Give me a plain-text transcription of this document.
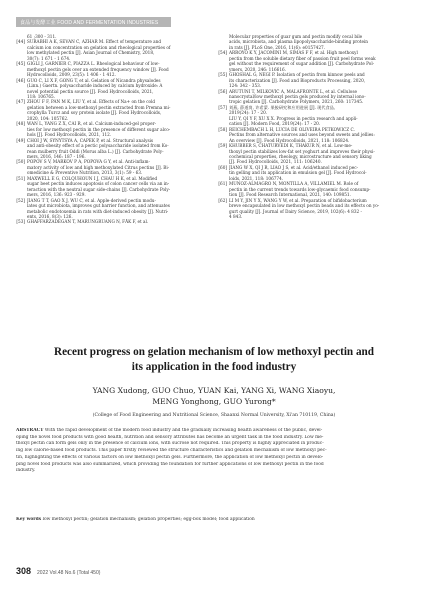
食品与发酵工业 FOOD AND FERMENTATION INDUSTRIES
61 ;300 - 311.
[44] SURABHI A K, SEVAN C, AZHAR M. Effect of temperature and
calcium ion concentration on gelation and rheological properties of
low methylated pectin [J]. Asian Journal of Chemistry, 2018,
30(7): 1 671 - 1 674.
[45] GIGLI J, GARNIER C, PIAZZA L. Rheological behaviour of low-
methoxyl pectin gels over an extended frequency window [J]. Food
Hydrocolloids, 2009, 23(5): 1 406 - 1 412.
[46] GUO C, LI X F, GONG T, et al. Gelation of Nicandra physalodes
(Linn.) Gaertn. polysaccharide induced by calcium hydroxide: A
novel potential pectin source [J]. Food Hydrocolloids, 2021,
118: 106765.
[47] ZHOU F F, PAN M K, LIU Y, et al. Effects of Na+ on the cold
gelation between a low-methoxyl pectin extracted from Premna mi-
crophylla Turcz and soy protein isolate [J]. Food Hydrocolloids,
2020, 104: 105762.
[48] WAN L, YANG Z X, CAI R, et al. Calcium-induced-gel proper-
ties for low methoxyl pectin in the presence of different sugar alco-
hols [J]. Food Hydrocolloids, 2021, 112.
[49] CHOI J W, SYNYTSYA A, CAPEK P, et al. Structural analysis
and anti-obesity effect of a pectic polysaccharide isolated from Ko-
rean mulberry fruit Oddi (Morus alba L.) [J]. Carbohydrate Poly-
mers, 2016, 146: 187 - 196.
[50] POPOV S V, MARKOV P A, POPOVA G Y, et al. Anti-inflam-
matory activity of low and high methoxylated Citrus pectins [J]. Bi-
omedicine & Preventive Nutrition, 2013, 3(1): 59 - 63.
[51] MAXWELL E G, COLQUHOUN I J, CHAU H K, et al. Modified
sugar beet pectin induces apoptosis of colon cancer cells via an in-
teraction with the neutral sugar side-chains [J]. Carbohydrate Poly-
mers, 2016, 136: 923 - 929.
[52] JIANG T T, GAO X J, WU C, et al. Apple-derived pectin modu-
lates gut microbiota, improves gut barrier function, and attenuates
metabolic endotoxemia in rats with diet-induced obesity [J]. Nutri-
ents, 2016, 8(3): 126.
[53] GHAFFARZADEGAN T, MARUNGRUANG N, FÅK F, et al.
Molecular properties of guar gum and pectin modify cecal bile
acids, microbiota, and plasma lipopolysaccharide-binding protein
in rats [J]. PLoS One, 2016, 11(6): e0157427.
[54] ARROYO K Y, JACOMINI M, SIMAS F F, et al. High methoxyl
pectin from the soluble dietary fiber of passion fruit peel forms weak
gel without the requirement of sugar addition [J]. Carbohydrate Pol-
ymers, 2020, 246: 116616.
[55] GHOSHAL G, NEGI P. Isolation of pectin from kinnow peels and
its characterization [J]. Food and Bioproducts Processing, 2020,
124: 342 - 353.
[56] ARUTUNI T, MILKOVIĆ A, MALAFRONTE L, et al. Cellulose
nanocrystal/low methoxyl pectin gels produced by internal iono-
tropic gelation [J]. Carbohydrate Polymers, 2021, 260: 117345.
[57] 刘燕, 薛道岗, 许希蒙. 果胶研究和应用进展 [J]. 现代食品,
2019(24): 17 - 20.
LIU Y, QI Y F, XU X X. Progress in pectin research and appli-
cation [J]. Modern Food, 2019(24): 17 - 20.
[58] REICHEMBACH L H, LUCIA DE OLIVEIRA PETKOWICZ C.
Pectins from alternative sources and uses beyond sweets and jellies:
An overview [J]. Food Hydrocolloids, 2021, 118: 106824.
[59] KHUBBER S, CHATURVEDI K, THAKUR N, et al. Low-me-
thoxyl pectin stabilizes low-fat set yoghurt and improves their physi-
cochemical properties, rheology, microstructure and sensory liking
[J]. Food Hydrocolloids, 2021, 111: 106240.
[60] JIANG W X, QI J R, LIAO J S, et al. Acid/ethanol induced pec-
tin gelling and its application in emulsion gel [J]. Food Hydrocol-
loids, 2021, 118: 106774.
[61] MUÑOZ-ALMAGRO N, MONTILLA A, VILLAMIEL M. Role of
pectin in the current trends towards low-glycaemic food consump-
tion [J]. Food Research International, 2021, 140: 109851.
[62] LI M Y, JIN Y X, WANG Y W, et al. Preparation of bifidobacterium
breve encapsulated in low methoxyl pectin beads and its effects on yo-
gurt quality [J]. Journal of Dairy Science, 2019, 102(6): 4 832 -
4 843.
Recent progress on gelation mechanism of low methoxyl pectin and
its application in the food industry
YANG Xudong, GUO Chuo, YUAN Kai, YANG Xi, WANG Xiaoyu,
MENG Yonghong, GUO Yurong*
(College of Food Engineering and Nutritional Science, Shaanxi Normal University, Xi'an 710119, China)
ABSTRACT With the rapid development of the modern food industry and the gradually increasing health awareness of the public, devel-
oping the novel food products with good health, nutrition and sensory attributes has become an urgent task in the food industry. Low me-
thoxyl pectin can form gels only in the presence of calcium ions, with sucrose not required. This property is highly appreciated in produc-
ing low calorie-based food products. This paper firstly reviewed the structure characteristics and gelation mechanism of low methoxyl pec-
tin, highlighting the effects of various factors on low methoxyl pectin gels. Furthermore, the application of low methoxyl pectin in develo-
ping novel food products was also summarized, which providing the foundation for further applications of low methoxyl pectin in the food
industry.
Key words low methoxyl pectin; gelation mechanism; gelation properties; egg-box model; food application
308 2022 Vol.48 No.6 (Total 450)
